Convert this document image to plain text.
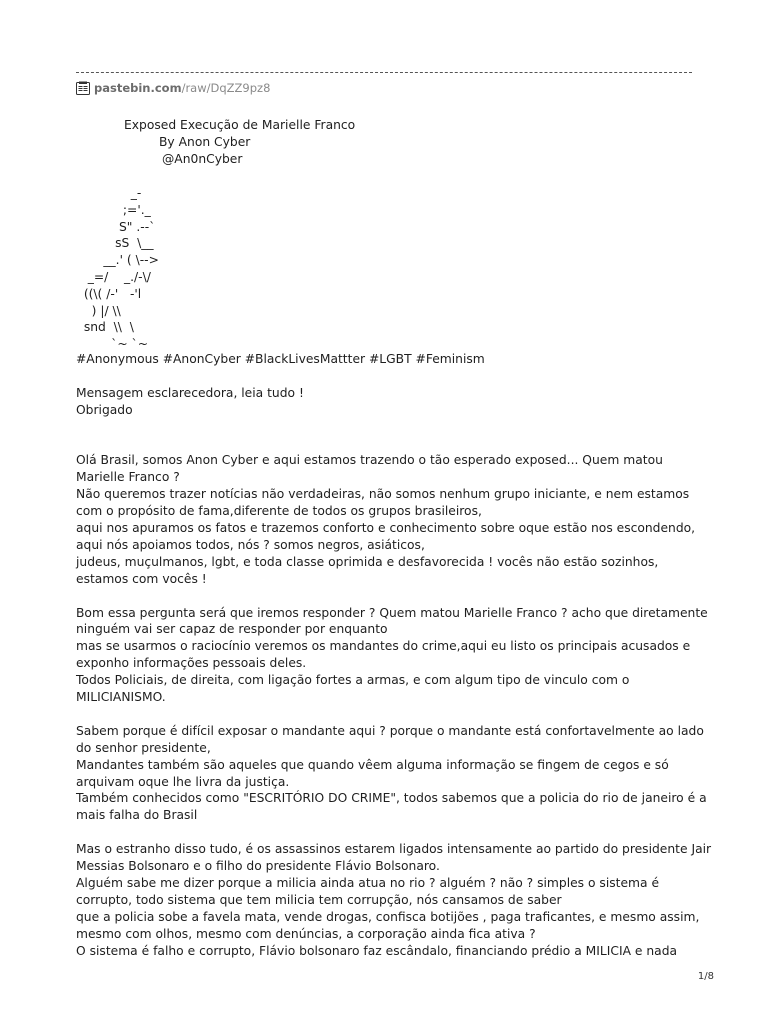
pastebin.com /raw/DqZZ9pz8
Exposed Execução de Marielle Franco
By Anon Cyber
@An0nCyber
_-
;='._
S" .--`
sS  \__
__.' ( \-->
_=/    _./-\/
((\( /-'   -'l
) |/ \\
snd  \\  \
`~ `~

#Anonymous #AnonCyber #BlackLivesMattter #LGBT #Feminism

Mensagem esclarecedora, leia tudo !
Obrigado

Olá Brasil, somos Anon Cyber e aqui estamos trazendo o tão esperado exposed... Quem matou
Marielle Franco ?
Não queremos trazer notícias não verdadeiras, não somos nenhum grupo iniciante, e nem estamos
com o propósito de fama,diferente de todos os grupos brasileiros,
aqui nos apuramos os fatos e trazemos conforto e conhecimento sobre oque estão nos escondendo,
aqui nós apoiamos todos, nós ? somos negros, asiáticos,
judeus, muçulmanos, lgbt, e toda classe oprimida e desfavorecida ! vocês não estão sozinhos,
estamos com vocês !

Bom essa pergunta será que iremos responder ? Quem matou Marielle Franco ? acho que diretamente
ninguém vai ser capaz de responder por enquanto
mas se usarmos o raciocínio veremos os mandantes do crime,aqui eu listo os principais acusados e
exponho informações pessoais deles.
Todos Policiais, de direita, com ligação fortes a armas, e com algum tipo de vinculo com o
MILICIANISMO.

Sabem porque é difícil exposar o mandante aqui ? porque o mandante está confortavelmente ao lado
do senhor presidente,
Mandantes também são aqueles que quando vêem alguma informação se fingem de cegos e só
arquivam oque lhe livra da justiça.
Também conhecidos como "ESCRITÓRIO DO CRIME", todos sabemos que a policia do rio de janeiro é a
mais falha do Brasil

Mas o estranho disso tudo, é os assassinos estarem ligados intensamente ao partido do presidente Jair
Messias Bolsonaro e o filho do presidente Flávio Bolsonaro.
Alguém sabe me dizer porque a milicia ainda atua no rio ? alguém ? não ? simples o sistema é
corrupto, todo sistema que tem milicia tem corrupção, nós cansamos de saber
que a policia sobe a favela mata, vende drogas, confisca botijões , paga traficantes, e mesmo assim,
mesmo com olhos, mesmo com denúncias, a corporação ainda fica ativa ?
O sistema é falho e corrupto, Flávio bolsonaro faz escândalo, financiando prédio a MILICIA e nada

1/8
